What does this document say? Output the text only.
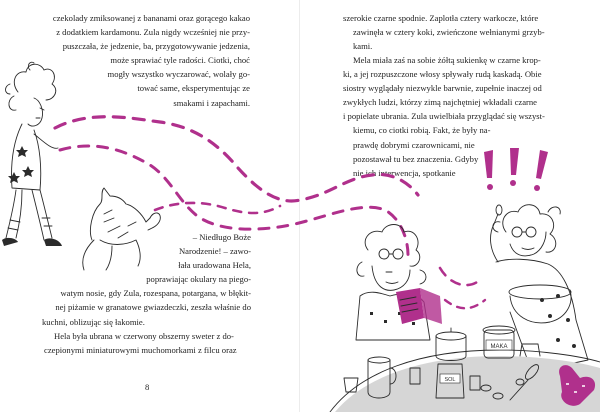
czekolady zmiksowanej z bananami oraz gorącego kakao

z dodatkiem kardamonu. Zula nigdy wcześniej nie przy-

puszczała, że jedzenie, ba, przygotowywanie jedzenia,

może sprawiać tyle radości. Ciotki, choć

mogły wszystko wyczarować, wolały go-

tować same, eksperymentując ze

smakami i zapachami.

– Niedługo Boże

Narodzenie! – zawo-

łała uradowana Hela,

poprawiając okulary na piego-

watym nosie, gdy Zula, rozespana, potargana, w błękit-

nej piżamie w granatowe gwiazdeczki, zeszła właśnie do

kuchni, oblizując się łakomie.

Hela była ubrana w czerwony obszerny sweter z do-

czepionymi miniaturowymi muchomorkami z filcu oraz

8

szerokie czarne spodnie. Zaplotła cztery warkocze, które

zawinęła w cztery koki, zwieńczone wełnianymi grzyb-

kami.

Mela miała zaś na sobie żółtą sukienkę w czarne krop-

ki, a jej rozpuszczone włosy spływały rudą kaskadą. Obie

siostry wyglądały niezwykle barwnie, zupełnie inaczej od

zwykłych ludzi, którzy zimą najchętniej wkładali czarne

i popielate ubrania. Zula uwielbiała przyglądać się wszyst-

kiemu, co ciotki robią. Fakt, że były na-

prawdę dobrymi czarownicami, nie

pozostawał tu bez znaczenia. Gdyby

nie ich interwencja, spotkanie

MAKA
SOL
